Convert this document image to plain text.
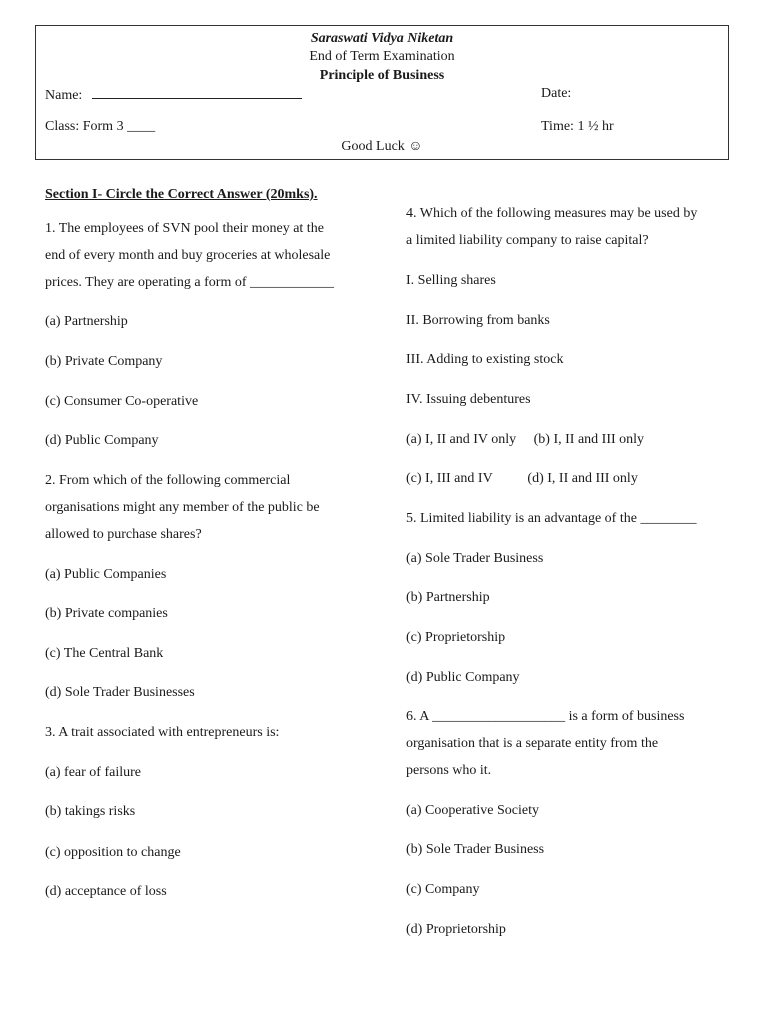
Saraswati Vidya Niketan
End of Term Examination
Principle of Business
Name:	Date:
Class: Form 3 ____	Time: 1 ½ hr
Good Luck ☺
Section I- Circle the Correct Answer (20mks).
1. The employees of SVN pool their money at the
end of every month and buy groceries at wholesale
prices. They are operating a form of ____________
(a) Partnership
(b) Private Company
(c) Consumer Co-operative
(d) Public Company
2. From which of the following commercial
organisations might any member of the public be
allowed to purchase shares?
(a) Public Companies
(b) Private companies
(c) The Central Bank
(d) Sole Trader Businesses
3. A trait associated with entrepreneurs is:
(a) fear of failure
(b) takings risks
(c) opposition to change
(d) acceptance of loss
4. Which of the following measures may be used by
a limited liability company to raise capital?
I. Selling shares
II. Borrowing from banks
III. Adding to existing stock
IV. Issuing debentures
(a) I, II and IV only     (b) I, II and III only
(c) I, III and IV          (d) I, II and III only
5. Limited liability is an advantage of the ________
(a) Sole Trader Business
(b) Partnership
(c) Proprietorship
(d) Public Company
6. A ___________________ is a form of business
organisation that is a separate entity from the
persons who it.
(a) Cooperative Society
(b) Sole Trader Business
(c) Company
(d) Proprietorship
